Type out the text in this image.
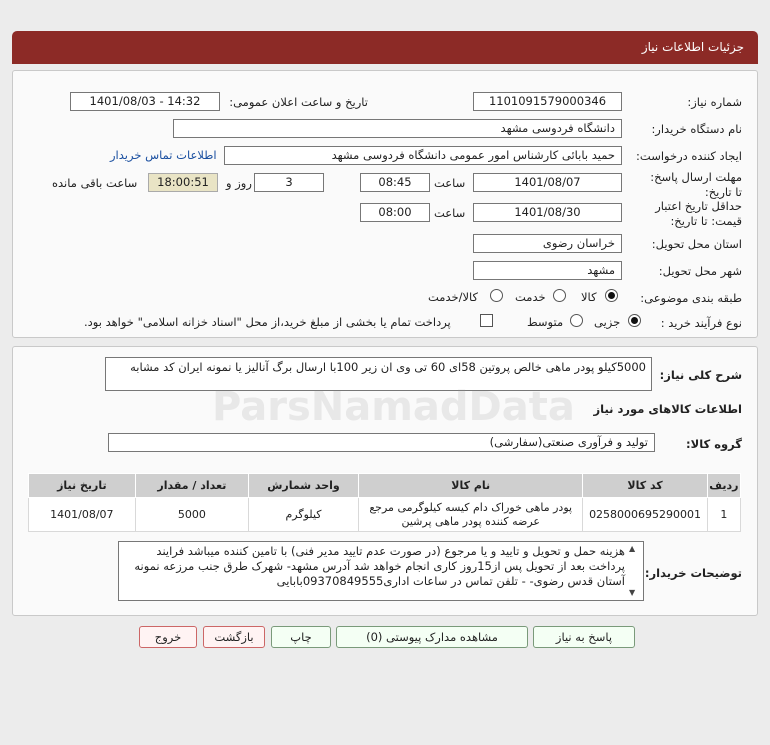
جزئیات اطلاعات نیاز
شماره نیاز:
1101091579000346
تاریخ و ساعت اعلان عمومی:
1401/08/03 - 14:32
نام دستگاه خریدار:
دانشگاه فردوسی مشهد
ایجاد کننده درخواست:
حمید بابائی کارشناس امور عمومی دانشگاه فردوسی مشهد
اطلاعات تماس خریدار
مهلت ارسال پاسخ: تا تاریخ:
1401/08/07
ساعت
08:45
3
روز و
18:00:51
ساعت باقی مانده
حداقل تاریخ اعتبار قیمت: تا تاریخ:
1401/08/30
ساعت
08:00
استان محل تحویل:
خراسان رضوی
شهر محل تحویل:
مشهد
طبقه بندی موضوعی:
کالا
خدمت
کالا/خدمت
نوع فرآیند خرید :
جزیی
متوسط
پرداخت تمام یا بخشی از مبلغ خرید،از محل "اسناد خزانه اسلامی" خواهد بود.
شرح کلی نیاز:
5000کیلو پودر ماهی خالص پروتین 58ای 60 تی وی ان زیر 100با ارسال برگ آنالیز یا نمونه ایران کد مشابه
اطلاعات کالاهای مورد نیاز
گروه کالا:
تولید و فرآوری صنعتی(سفارشی)
تاریخ نیاز	تعداد / مقدار	واحد شمارش	نام کالا	کد کالا	ردیف
1401/08/07	5000	کیلوگرم	پودر ماهی خوراک دام کیسه کیلوگرمی مرجع عرضه کننده پودر ماهی پرشین	0258000695290001	1
توضیحات خریدار:
هزینه حمل و تحویل و تایید و یا مرجوع (در صورت عدم تایید مدیر فنی) با تامین کننده میباشد فرایند پرداخت بعد از تحویل پس از15روز کاری انجام خواهد شد آدرس مشهد- شهرک طرق جنب مرزعه نمونه آستان قدس رضوی- - تلفن تماس در ساعات اداری09370849555بابایی
▲
▼
پاسخ به نیاز
مشاهده مدارک پیوستی (0)
چاپ
بازگشت
خروج
